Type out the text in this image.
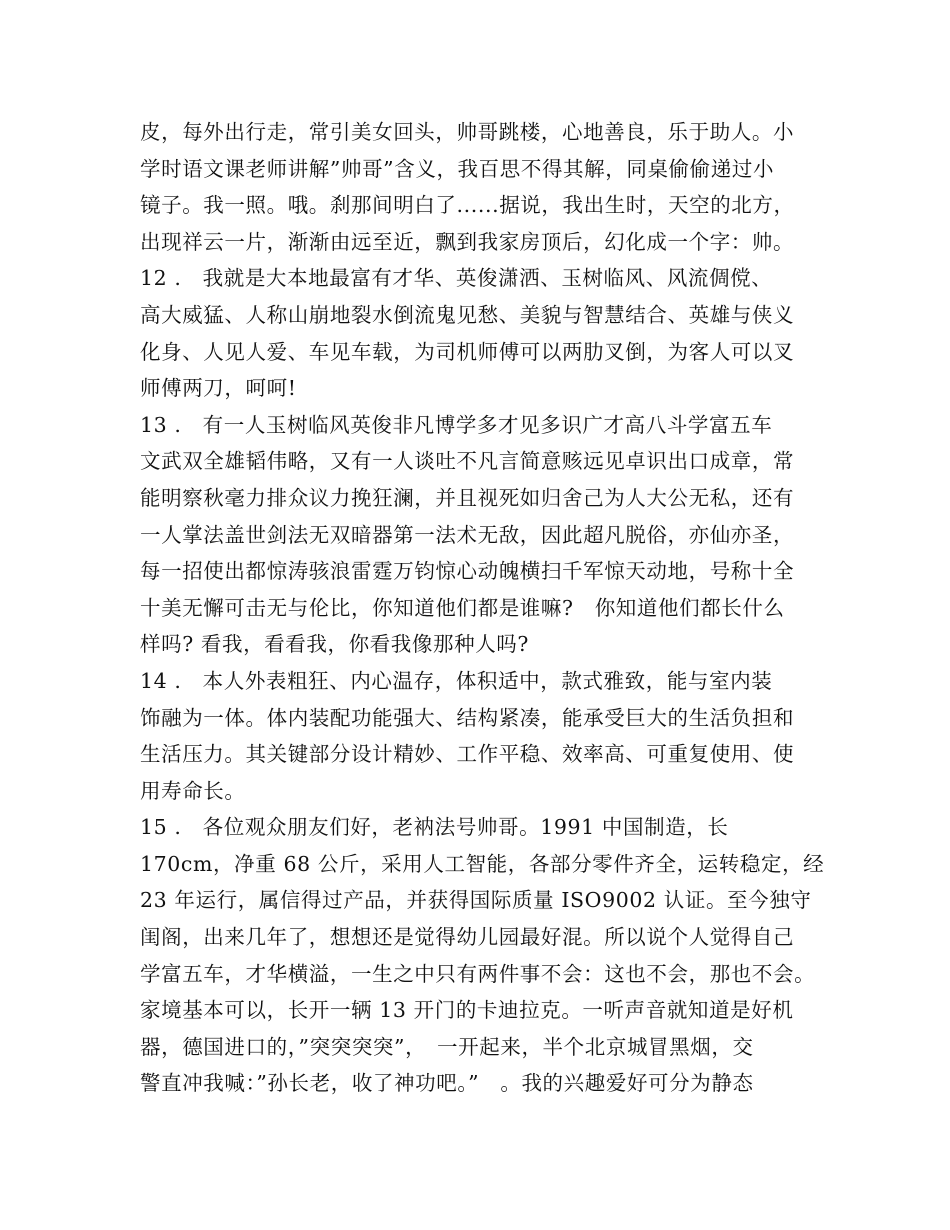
皮，每外出行走，常引美女回头，帅哥跳楼，心地善良，乐于助人。小
学时语文课老师讲解”帅哥”含义，我百思不得其解，同桌偷偷递过小
镜子。我一照。哦。刹那间明白了......据说，我出生时，天空的北方，
出现祥云一片，渐渐由远至近，飘到我家房顶后，幻化成一个字：帅。
12 .　我就是大本地最富有才华、英俊潇洒、玉树临风、风流倜傥、
高大威猛、人称山崩地裂水倒流鬼见愁、美貌与智慧结合、英雄与侠义
化身、人见人爱、车见车载，为司机师傅可以两肋叉倒，为客人可以叉
师傅两刀，呵呵!
13 .　有一人玉树临风英俊非凡博学多才见多识广才高八斗学富五车
文武双全雄韬伟略，又有一人谈吐不凡言简意赅远见卓识出口成章，常
能明察秋毫力排众议力挽狂澜，并且视死如归舍己为人大公无私，还有
一人掌法盖世剑法无双暗器第一法术无敌，因此超凡脱俗，亦仙亦圣，
每一招使出都惊涛骇浪雷霆万钧惊心动魄横扫千军惊天动地，号称十全
十美无懈可击无与伦比，你知道他们都是谁嘛?　你知道他们都长什么
样吗? 看我，看看我，你看我像那种人吗?
14 .　本人外表粗狂、内心温存，体积适中，款式雅致，能与室内装
饰融为一体。体内装配功能强大、结构紧凑，能承受巨大的生活负担和
生活压力。其关键部分设计精妙、工作平稳、效率高、可重复使用、使
用寿命长。
15 .　各位观众朋友们好，老衲法号帅哥。1991 中国制造，长
170cm，净重 68 公斤，采用人工智能，各部分零件齐全，运转稳定，经
23 年运行，属信得过产品，并获得国际质量 ISO9002 认证。至今独守
闺阁，出来几年了，想想还是觉得幼儿园最好混。所以说个人觉得自己
学富五车，才华横溢，一生之中只有两件事不会：这也不会，那也不会。
家境基本可以，长开一辆 13 开门的卡迪拉克。一听声音就知道是好机
器，德国进口的，”突突突突”，　一开起来，半个北京城冒黑烟，交
警直冲我喊：”孙长老，收了神功吧。”　。我的兴趣爱好可分为静态
